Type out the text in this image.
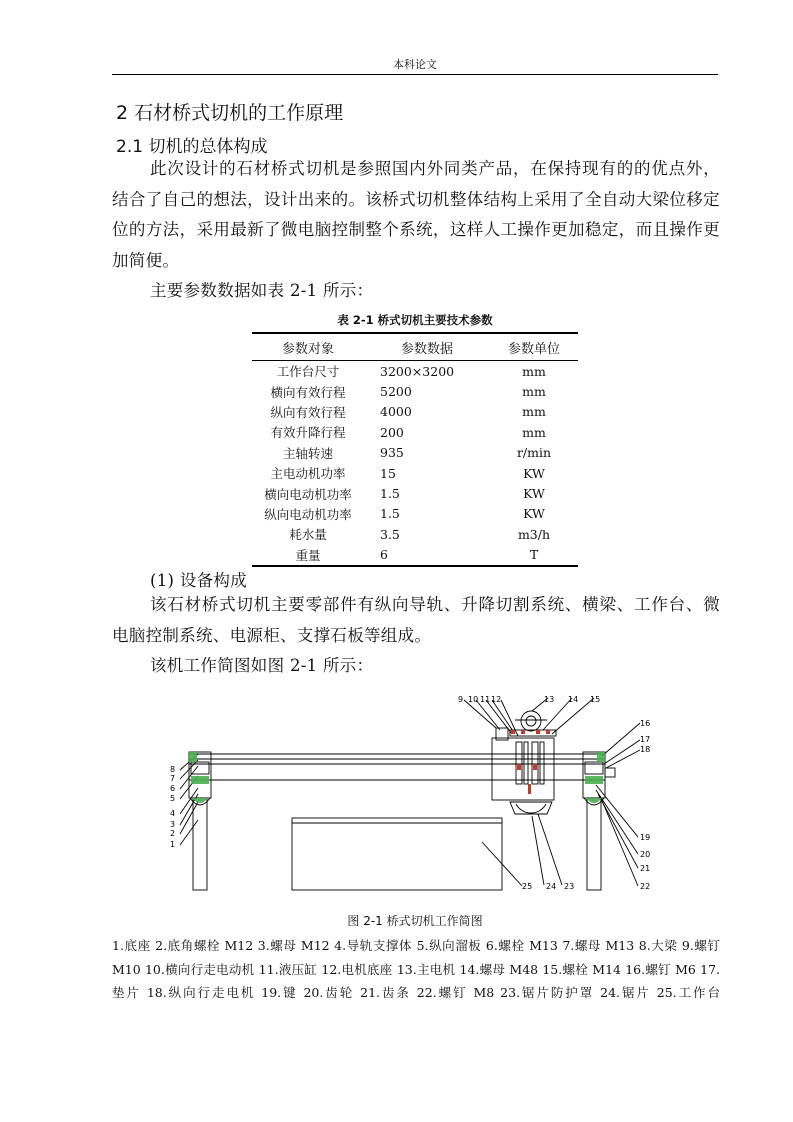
本科论文
2 石材桥式切机的工作原理
2.1 切机的总体构成
此次设计的石材桥式切机是参照国内外同类产品，在保持现有的的优点外，结合了自己的想法，设计出来的。该桥式切机整体结构上采用了全自动大梁位移定位的方法，采用最新了微电脑控制整个系统，这样人工操作更加稳定，而且操作更加简便。
主要参数数据如表 2-1 所示：
表 2-1 桥式切机主要技术参数
参数对象	参数数据	参数单位
工作台尺寸	3200×3200	mm
横向有效行程	5200	mm
纵向有效行程	4000	mm
有效升降行程	200	mm
主轴转速	935	r/min
主电动机功率	15	KW
横向电动机功率	1.5	KW
纵向电动机功率	1.5	KW
耗水量	3.5	m3/h
重量	6	T
(1) 设备构成
该石材桥式切机主要零部件有纵向导轨、升降切割系统、横梁、工作台、微电脑控制系统、电源柜、支撑石板等组成。
该机工作简图如图 2-1 所示：
9 10 11 12	13 14 15
16
17
18
8
7
6
5
4
3
2
1
19
20
21
22
23
24
25
图 2-1 桥式切机工作简图
1.底座 2.底角螺栓 M12 3.螺母 M12 4.导轨支撑体 5.纵向溜板 6.螺栓 M13 7.螺母 M13 8.大梁 9.螺钉 M10 10.横向行走电动机 11.液压缸 12.电机底座 13.主电机 14.螺母 M48 15.螺栓 M14 16.螺钉 M6 17.垫片 18.纵向行走电机 19.键 20.齿轮 21.齿条 22.螺钉 M8 23.锯片防护罩 24.锯片 25.工作台
